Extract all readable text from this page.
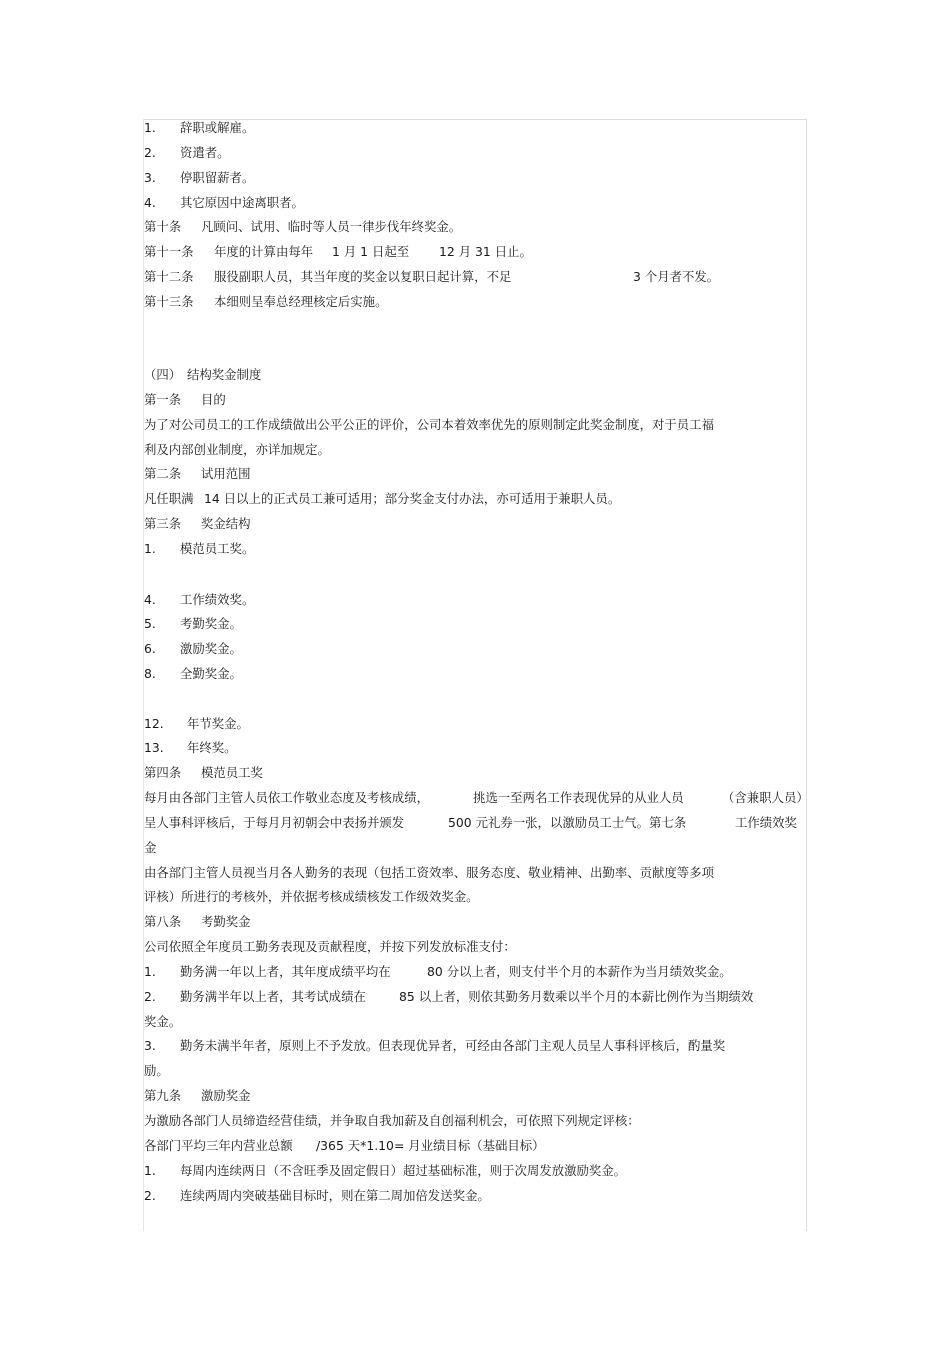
1. 辞职或解雇。
2. 资遣者。
3. 停职留薪者。
4. 其它原因中途离职者。
第十条 凡顾问、试用、临时等人员一律步伐年终奖金。
第十一条 年度的计算由每年 1 月 1 日起至 12 月 31 日止。
第十二条 服役副职人员，其当年度的奖金以复职日起计算，不足	3 个月者不发。
第十三条 本细则呈奉总经理核定后实施。
（四） 结构奖金制度
第一条 目的
为了对公司员工的工作成绩做出公平公正的评价，公司本着效率优先的原则制定此奖金制度，对于员工福
利及内部创业制度，亦详加规定。
第二条 试用范围
凡任职满 14 日以上的正式员工兼可适用；部分奖金支付办法，亦可适用于兼职人员。
第三条 奖金结构
1. 模范员工奖。
4. 工作绩效奖。
5. 考勤奖金。
6. 激励奖金。
8. 全勤奖金。
12. 年节奖金。
13. 年终奖。
第四条 模范员工奖
每月由各部门主管人员依工作敬业态度及考核成绩，	挑选一至两名工作表现优异的从业人员	（含兼职人员）
呈人事科评核后，于每月月初朝会中表扬并颁发	500 元礼券一张，以激励员工士气。第七条	工作绩效奖
金
由各部门主管人员视当月各人勤务的表现（包括工资效率、服务态度、敬业精神、出勤率、贡献度等多项
评核）所进行的考核外，并依据考核成绩核发工作级效奖金。
第八条 考勤奖金
公司依照全年度员工勤务表现及贡献程度，并按下列发放标准支付：
1. 勤务满一年以上者，其年度成绩平均在	80 分以上者，则支付半个月的本薪作为当月绩效奖金。
2. 勤务满半年以上者，其考试成绩在	85 以上者，则依其勤务月数乘以半个月的本薪比例作为当期绩效
奖金。
3. 勤务未满半年者，原则上不予发放。但表现优异者，可经由各部门主观人员呈人事科评核后，酌量奖
励。
第九条 激励奖金
为激励各部门人员缔造经营佳绩，并争取自我加薪及自创福利机会，可依照下列规定评核：
各部门平均三年内营业总额 /365 天*1.10= 月业绩目标（基础目标）
1. 每周内连续两日（不含旺季及固定假日）超过基础标准，则于次周发放激励奖金。
2. 连续两周内突破基础目标时，则在第二周加倍发送奖金。
